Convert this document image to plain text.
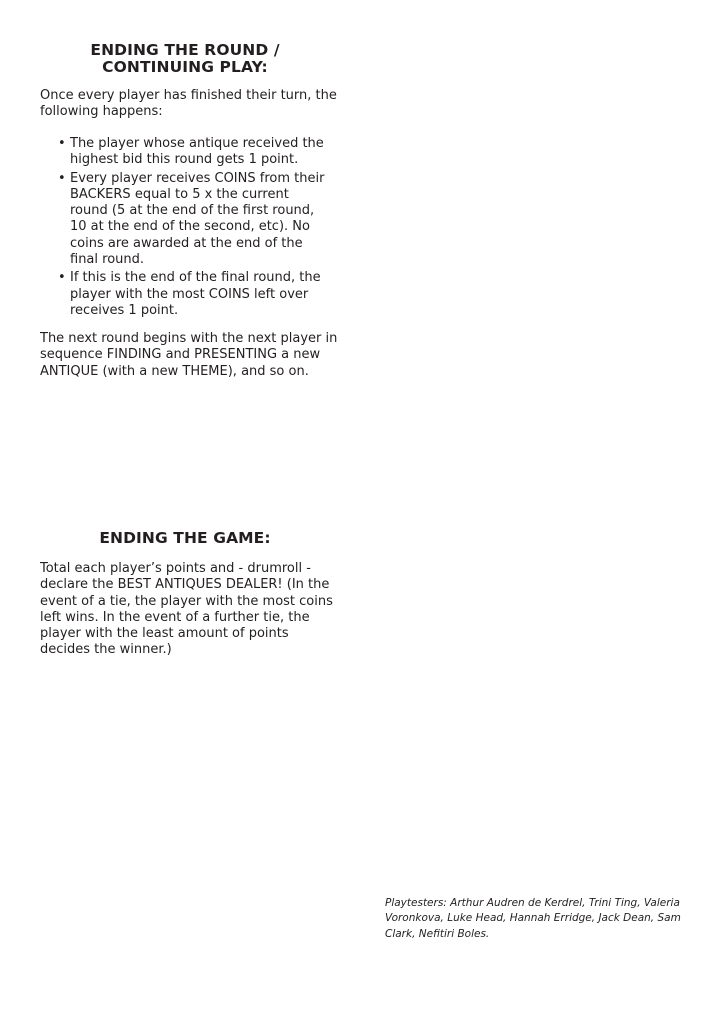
ENDING THE ROUND /
CONTINUING PLAY:

Once every player has finished their turn, the following happens:

• The player whose antique received the highest bid this round gets 1 point.
• Every player receives COINS from their BACKERS equal to 5 x the current round (5 at the end of the first round, 10 at the end of the second, etc). No coins are awarded at the end of the final round.
• If this is the end of the final round, the player with the most COINS left over receives 1 point.

The next round begins with the next player in sequence FINDING and PRESENTING a new ANTIQUE (with a new THEME), and so on.

ENDING THE GAME:

Total each player’s points and - drumroll - declare the BEST ANTIQUES DEALER! (In the event of a tie, the player with the most coins left wins. In the event of a further tie, the player with the least amount of points decides the winner.)

Playtesters: Arthur Audren de Kerdrel, Trini Ting, Valeria Voronkova, Luke Head, Hannah Erridge, Jack Dean, Sam Clark, Nefitiri Boles.
